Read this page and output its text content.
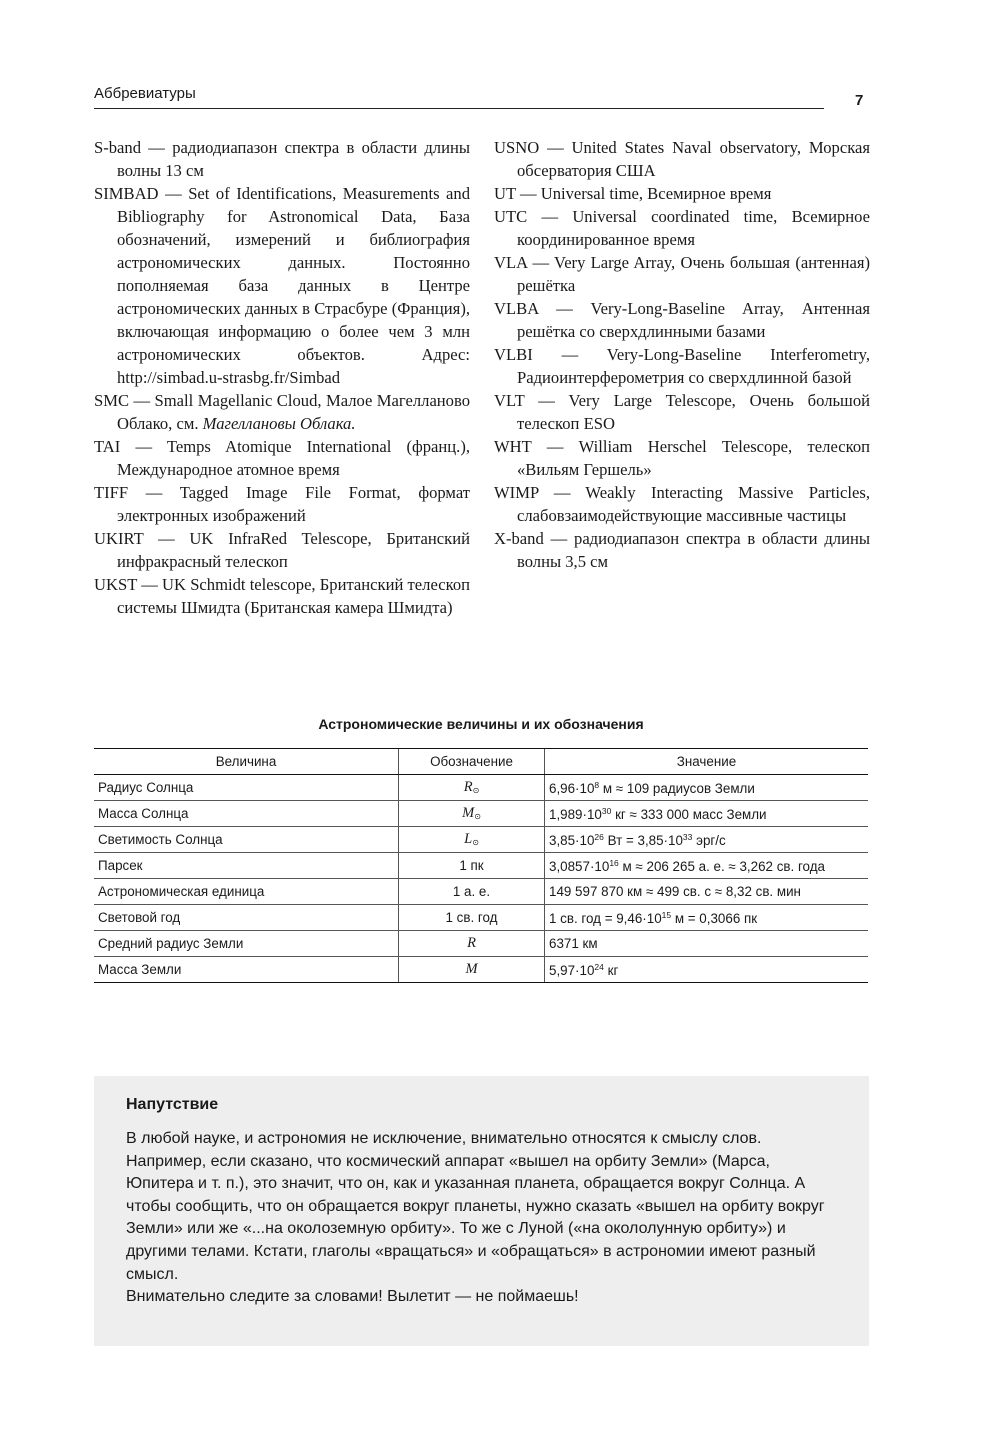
Аббревиатуры	7

S-band — радиодиапазон спектра в области длины волны 13 см

SIMBAD — Set of Identifications, Measurements and Bibliography for Astronomical Data, База обозначений, измерений и библиография астрономических данных. Постоянно пополняемая база данных в Центре астрономических данных в Страсбуре (Франция), включающая информацию о более чем 3 млн астрономических объектов. Адрес: http://simbad.u-strasbg.fr/Simbad

SMC — Small Magellanic Cloud, Малое Магелланово Облако, см. Магеллановы Облака.

TAI — Temps Atomique International (франц.), Международное атомное время

TIFF — Tagged Image File Format, формат электронных изображений

UKIRT — UK InfraRed Telescope, Британский инфракрасный телескоп

UKST — UK Schmidt telescope, Британский телескоп системы Шмидта (Британская камера Шмидта)

USNO — United States Naval observatory, Морская обсерватория США

UT — Universal time, Всемирное время

UTC — Universal coordinated time, Всемирное координированное время

VLA — Very Large Array, Очень большая (антенная) решётка

VLBA — Very-Long-Baseline Array, Антенная решётка со сверхдлинными базами

VLBI — Very-Long-Baseline Interferometry, Радиоинтерферометрия со сверхдлинной базой

VLT — Very Large Telescope, Очень большой телескоп ESO

WHT — William Herschel Telescope, телескоп «Вильям Гершель»

WIMP — Weakly Interacting Massive Particles, слабовзаимодействующие массивные частицы

X-band — радиодиапазон спектра в области длины волны 3,5 см

Астрономические величины и их обозначения
Величина	Обозначение	Значение
Радиус Солнца	R⊙	$6,96\cdot 10^8$ м ≈ 109 радиусов Земли
Масса Солнца	M⊙	$1,989\cdot 10^{30}$ кг ≈ 333 000 масс Земли
Светимость Солнца	L⊙	$3,85\cdot 10^{26}$ Вт = $3,85\cdot 10^{33}$ эрг/с
Парсек	1 пк	$3,0857\cdot 10^{16}$ м ≈ 206 265 а. е. ≈ 3,262 св. года
Астрономическая единица	1 а. е.	149 597 870 км ≈ 499 св. с ≈ 8,32 св. мин
Световой год	1 св. год	1 св. год = $9,46\cdot 10^{15}$ м = 0,3066 пк
Средний радиус Земли	R	6371 км
Масса Земли	M	$5,97\cdot 10^{24}$ кг
Напутствие

В любой науке, и астрономия не исключение, внимательно относятся к смыслу слов. Например, если сказано, что космический аппарат «вышел на орбиту Земли» (Марса, Юпитера и т. п.), это значит, что он, как и указанная планета, обращается вокруг Солнца. А чтобы сообщить, что он обращается вокруг планеты, нужно сказать «вышел на орбиту вокруг Земли» или же «...на околоземную орбиту». То же с Луной («на окололунную орбиту») и другими телами. Кстати, глаголы «вращаться» и «обращаться» в астрономии имеют разный смысл.

Внимательно следите за словами! Вылетит — не поймаешь!
